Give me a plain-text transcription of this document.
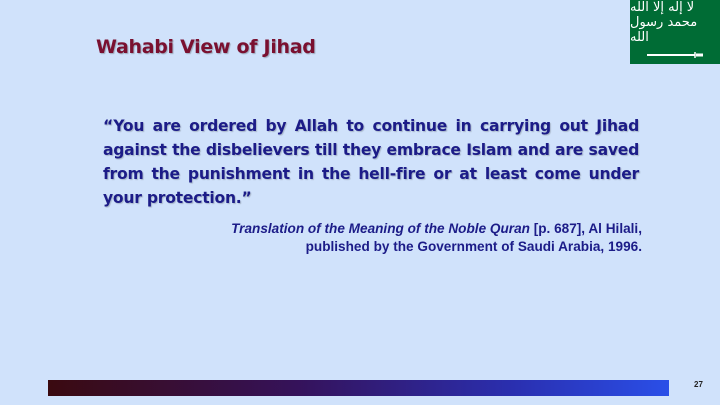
Wahabi View of Jihad
لا إله إلا الله محمد رسول الله
“You are ordered by Allah to continue in carrying out Jihad against the disbelievers till they embrace Islam and are saved from the punishment in the hell-fire or at least come under your protection.”
Translation of the Meaning of the Noble Quran [p. 687], Al Hilali,
published by the Government of Saudi Arabia, 1996.
27
